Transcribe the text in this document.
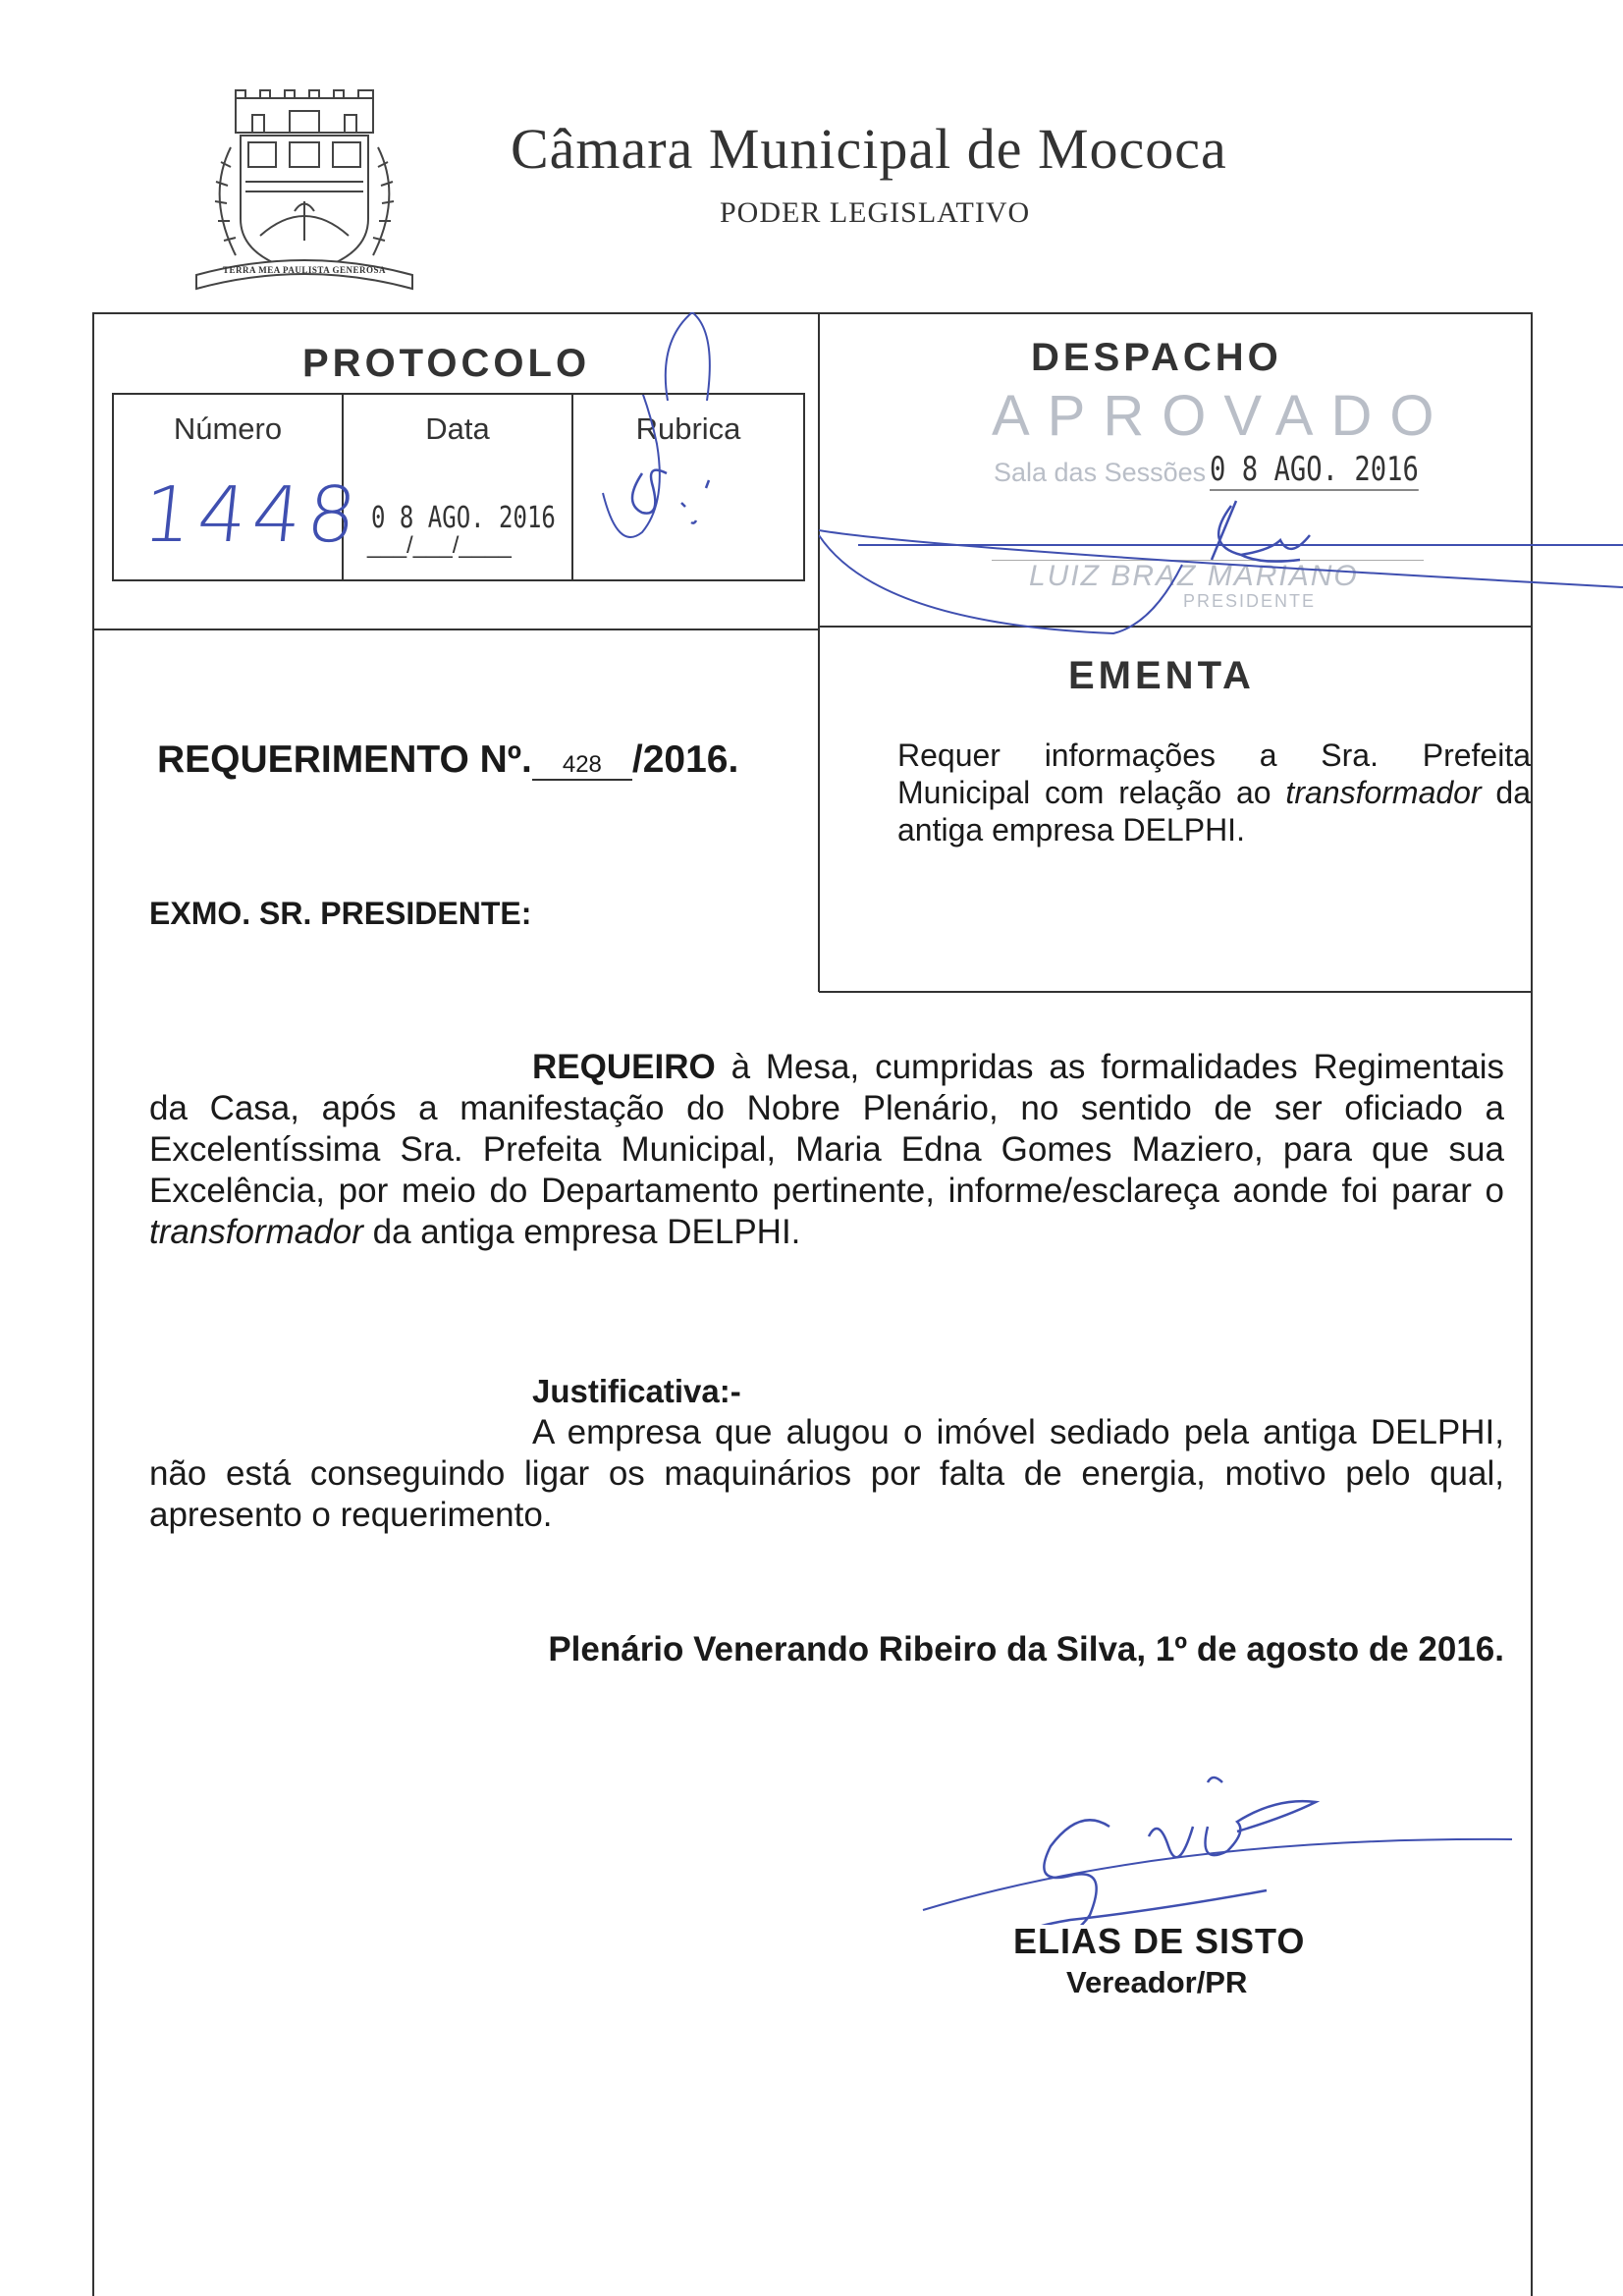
TERRA MEA PAULISTA GENEROSA
Câmara Municipal de Mococa
PODER LEGISLATIVO
PROTOCOLO
Número	Data	Rubrica
1448 0 8 AGO. 2016
___/___/____
DESPACHO
APROVADO
Sala das Sessões 0 8 AGO. 2016
LUIZ BRAZ MARIANO
PRESIDENTE
EMENTA
Requer informações a Sra. Prefeita Municipal com relação ao transformador da antiga empresa DELPHI.
REQUERIMENTO Nº. 428 /2016.
EXMO. SR. PRESIDENTE:

REQUEIRO à Mesa, cumpridas as formalidades Regimentais da Casa, após a manifestação do Nobre Plenário, no sentido de ser oficiado a Excelentíssima Sra. Prefeita Municipal, Maria Edna Gomes Maziero, para que sua Excelência, por meio do Departamento pertinente, informe/esclareça aonde foi parar o transformador da antiga empresa DELPHI.

Justificativa:-
A empresa que alugou o imóvel sediado pela antiga DELPHI, não está conseguindo ligar os maquinários por falta de energia, motivo pelo qual, apresento o requerimento.
Plenário Venerando Ribeiro da Silva, 1º de agosto de 2016.
ELIAS DE SISTO
Vereador/PR
